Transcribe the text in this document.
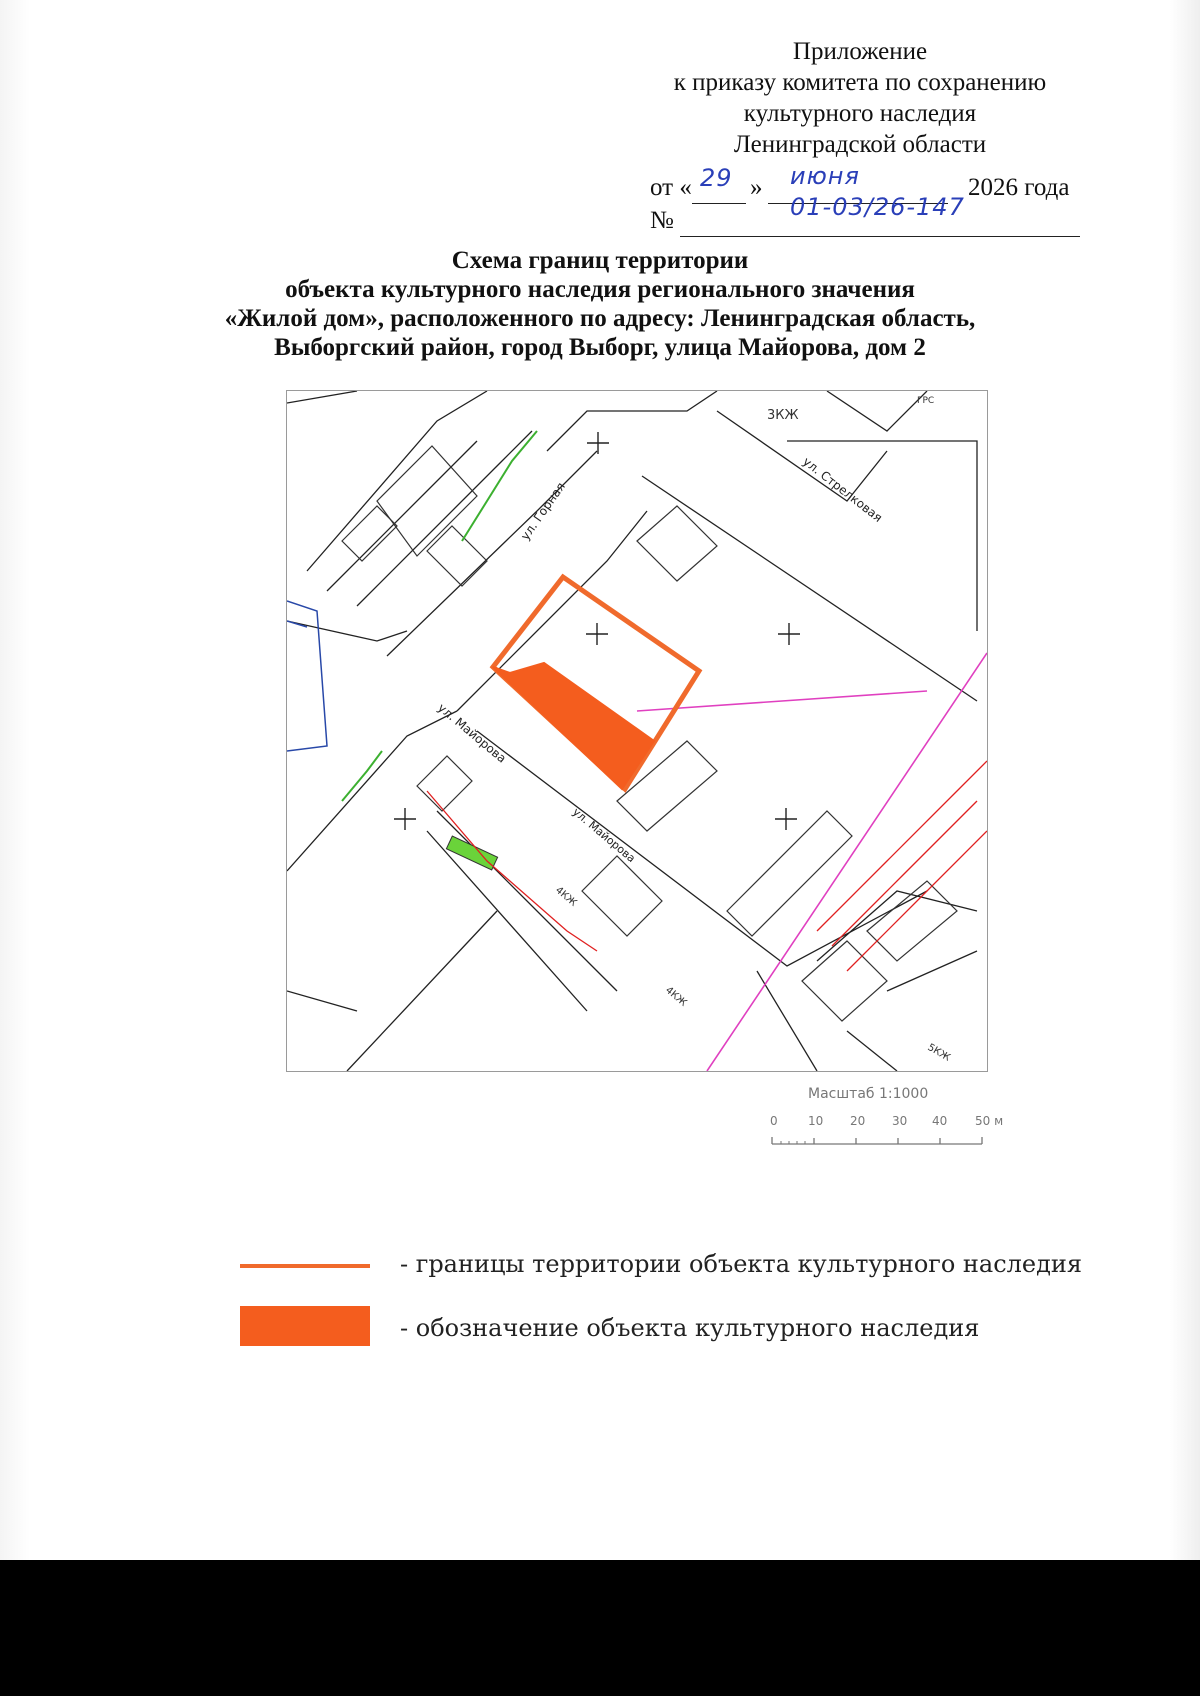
Приложение
к приказу комитета по сохранению
культурного наследия
Ленинградской области
от « 29 » июня	2026 года
№	01-03/26-147
Схема границ территории
объекта культурного наследия регионального значения
«Жилой дом», расположенного по адресу: Ленинградская область,
Выборгский район, город Выборг, улица Майорова, дом 2
ул. Стрелковая
ул. Горная
ул. Майорова
ул. Майорова
3КЖ
4КЖ
4КЖ
5КЖ
ГРС
Масштаб 1:1000
0	10 20 30 40 50 м
- границы территории объекта культурного наследия
- обозначение объекта культурного наследия
